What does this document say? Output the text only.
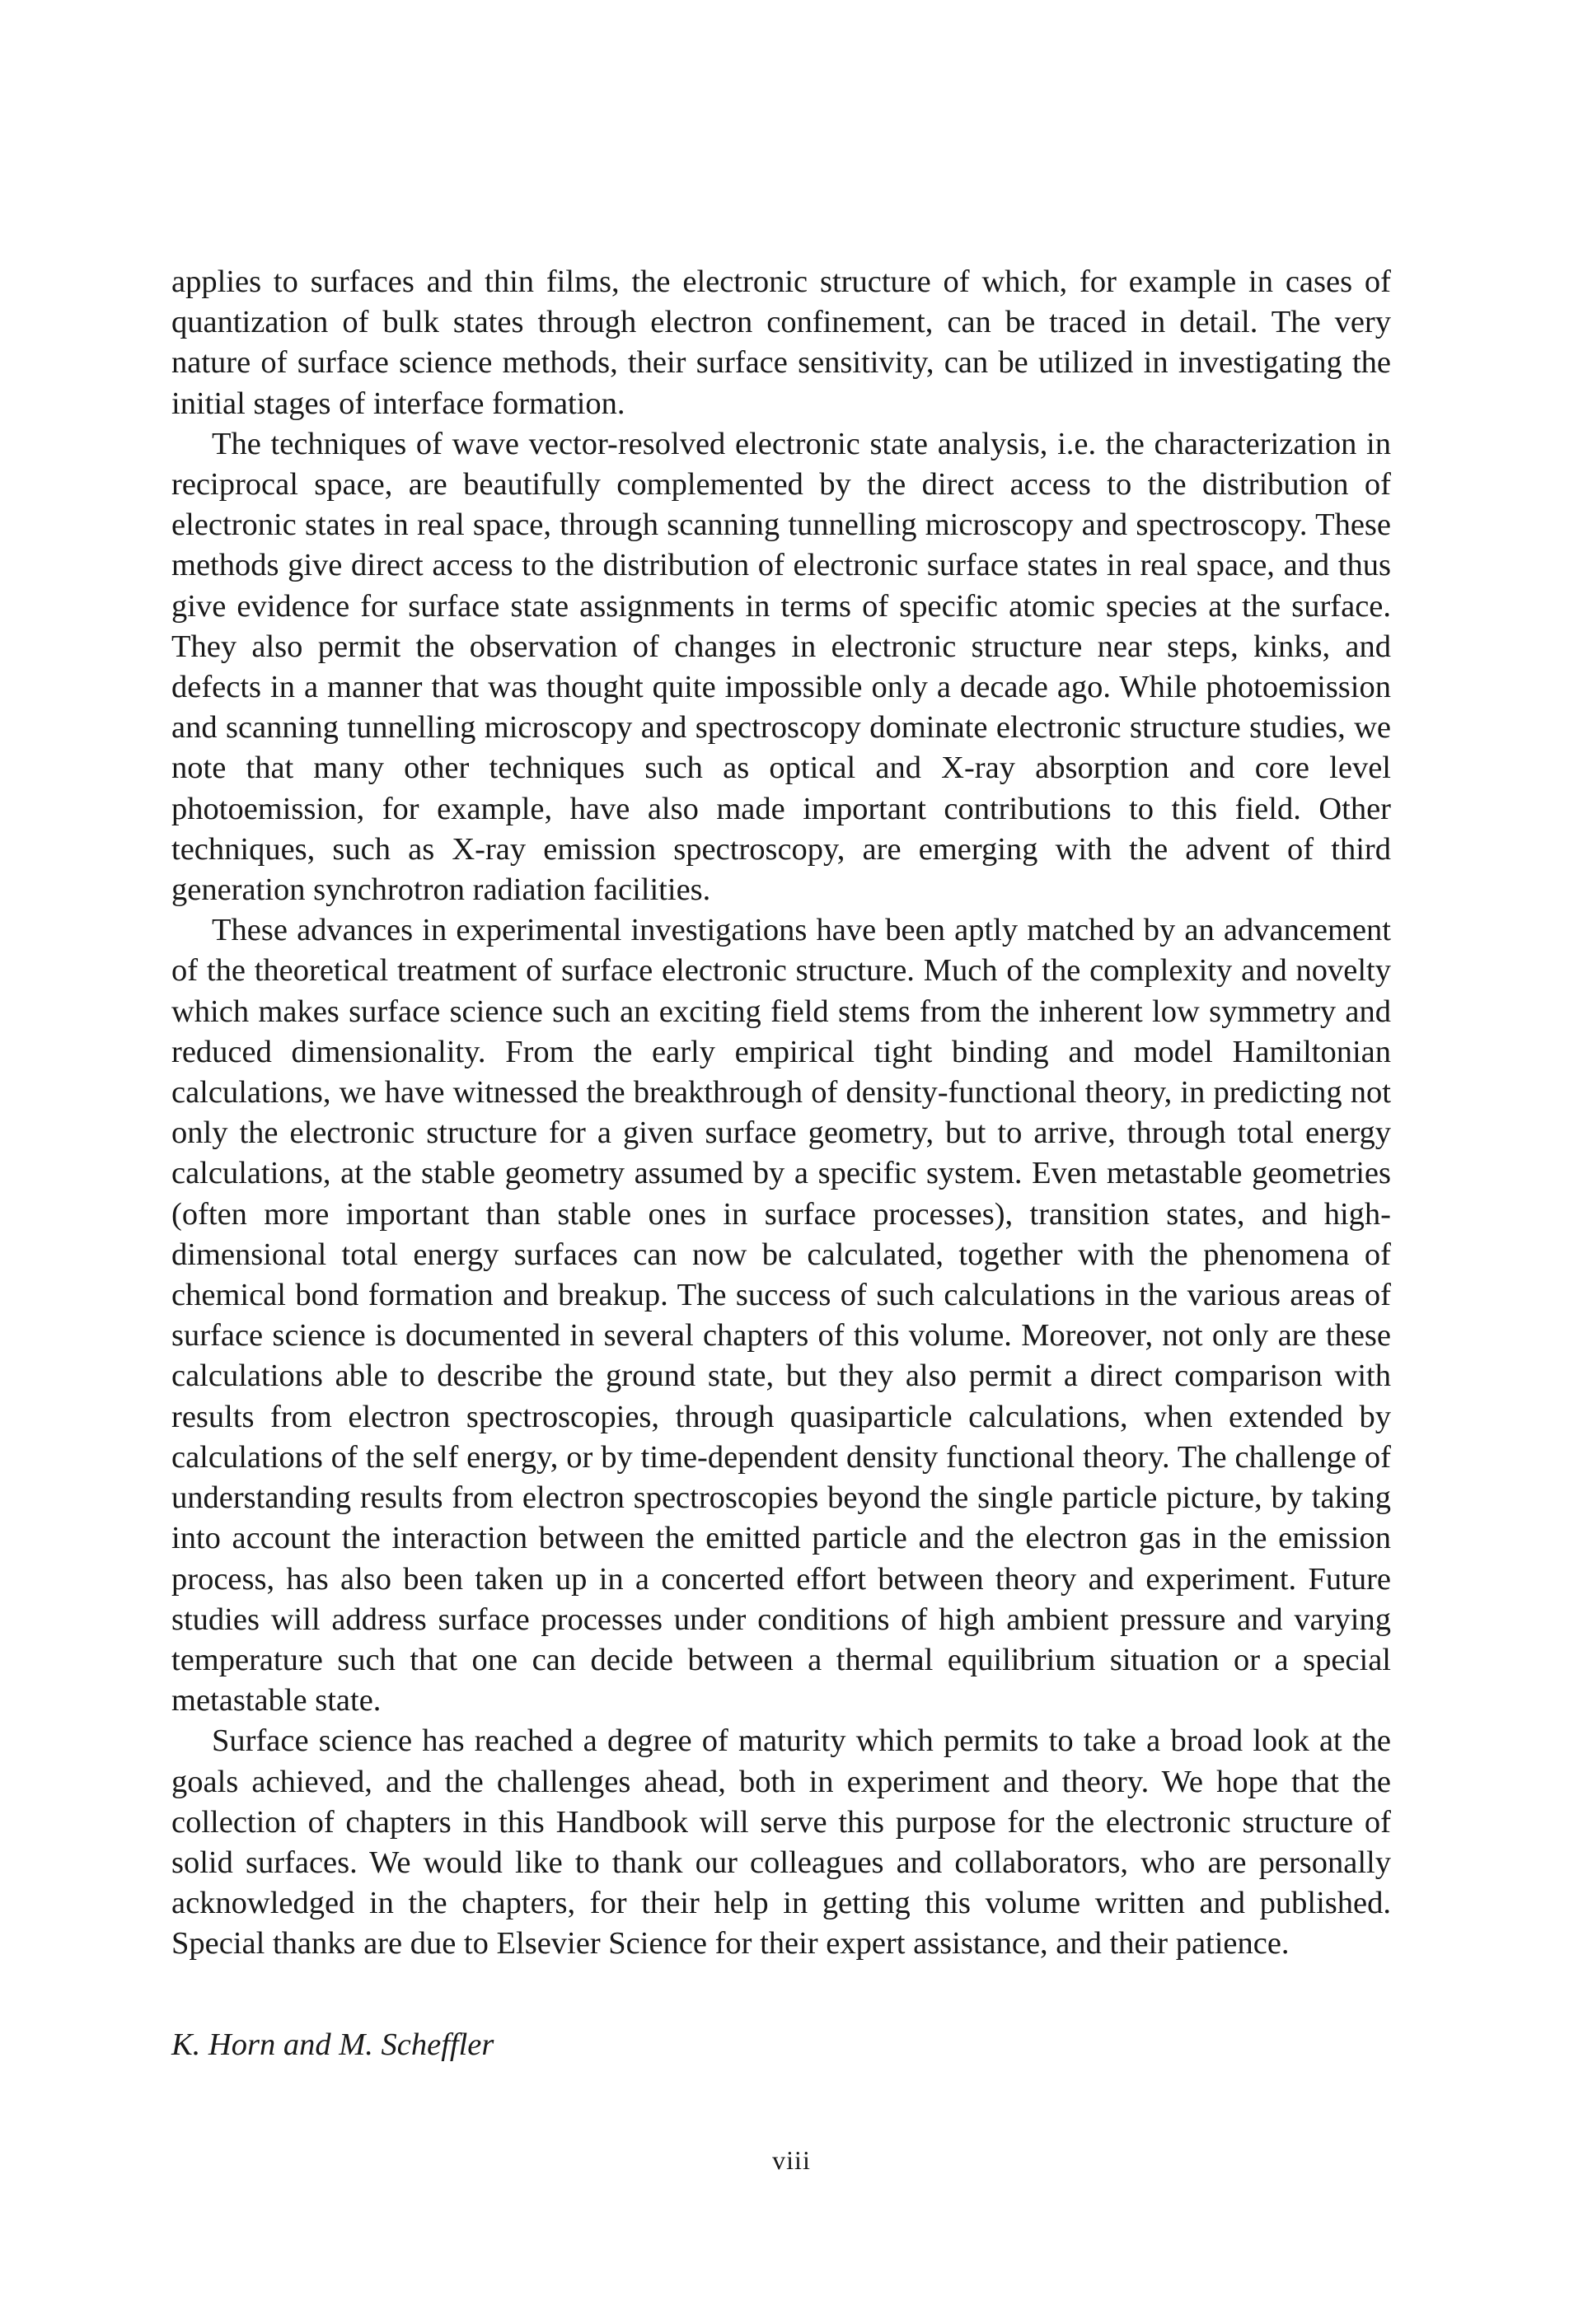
applies to surfaces and thin films, the electronic structure of which, for example in cases of quantization of bulk states through electron confinement, can be traced in detail. The very nature of surface science methods, their surface sensitivity, can be utilized in investigating the initial stages of interface formation.

The techniques of wave vector-resolved electronic state analysis, i.e. the characterization in reciprocal space, are beautifully complemented by the direct access to the distribution of electronic states in real space, through scanning tunnelling microscopy and spectroscopy. These methods give direct access to the distribution of electronic surface states in real space, and thus give evidence for surface state assignments in terms of specific atomic species at the surface. They also permit the observation of changes in electronic structure near steps, kinks, and defects in a manner that was thought quite impossible only a decade ago. While photoemission and scanning tunnelling microscopy and spectroscopy dominate electronic structure studies, we note that many other techniques such as optical and X-ray absorption and core level photoemission, for example, have also made important contributions to this field. Other techniques, such as X-ray emission spectroscopy, are emerging with the advent of third generation synchrotron radiation facilities.

These advances in experimental investigations have been aptly matched by an advancement of the theoretical treatment of surface electronic structure. Much of the complexity and novelty which makes surface science such an exciting field stems from the inherent low symmetry and reduced dimensionality. From the early empirical tight binding and model Hamiltonian calculations, we have witnessed the breakthrough of density-functional theory, in predicting not only the electronic structure for a given surface geometry, but to arrive, through total energy calculations, at the stable geometry assumed by a specific system. Even metastable geometries (often more important than stable ones in surface processes), transition states, and high-dimensional total energy surfaces can now be calculated, together with the phenomena of chemical bond formation and breakup. The success of such calculations in the various areas of surface science is documented in several chapters of this volume. Moreover, not only are these calculations able to describe the ground state, but they also permit a direct comparison with results from electron spectroscopies, through quasiparticle calculations, when extended by calculations of the self energy, or by time-dependent density functional theory. The challenge of understanding results from electron spectroscopies beyond the single particle picture, by taking into account the interaction between the emitted particle and the electron gas in the emission process, has also been taken up in a concerted effort between theory and experiment. Future studies will address surface processes under conditions of high ambient pressure and varying temperature such that one can decide between a thermal equilibrium situation or a special metastable state.

Surface science has reached a degree of maturity which permits to take a broad look at the goals achieved, and the challenges ahead, both in experiment and theory. We hope that the collection of chapters in this Handbook will serve this purpose for the electronic structure of solid surfaces. We would like to thank our colleagues and collaborators, who are personally acknowledged in the chapters, for their help in getting this volume written and published. Special thanks are due to Elsevier Science for their expert assistance, and their patience.

K. Horn and M. Scheffler

viii
